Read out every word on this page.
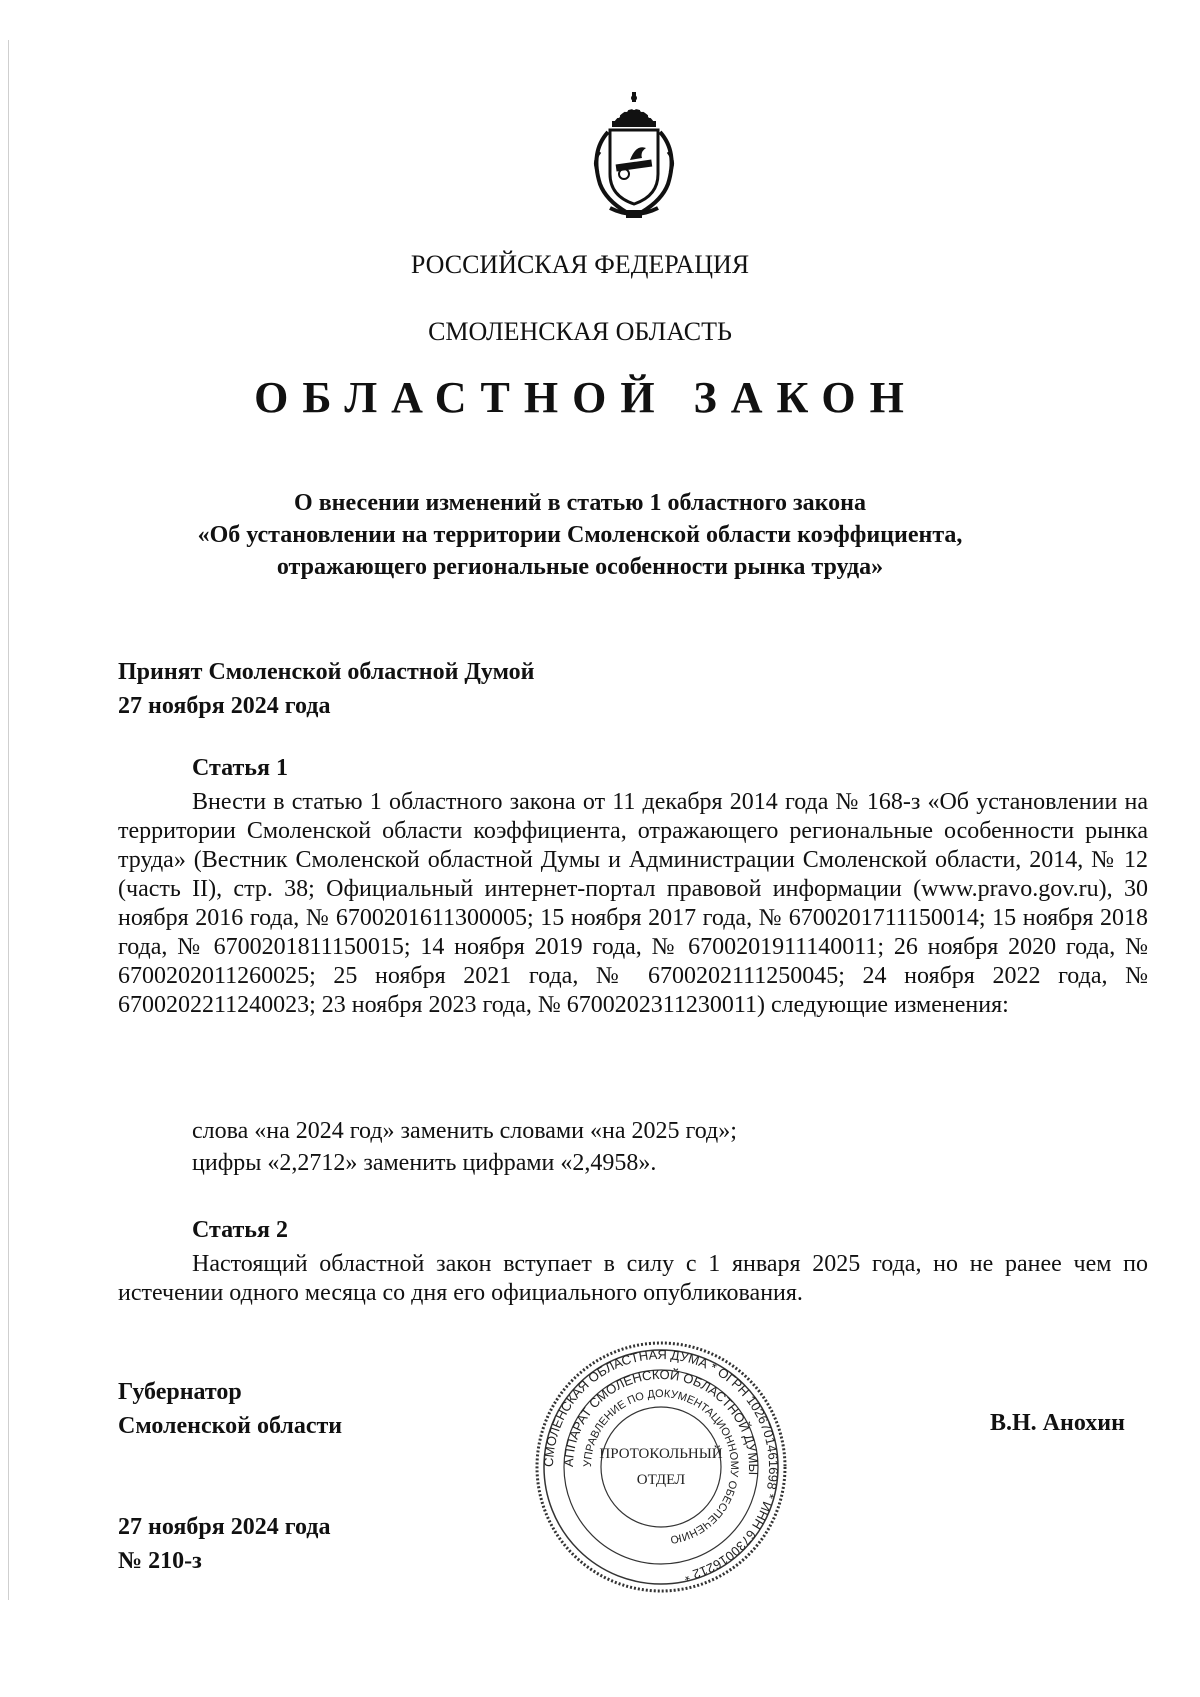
РОССИЙСКАЯ ФЕДЕРАЦИЯ
СМОЛЕНСКАЯ ОБЛАСТЬ
ОБЛАСТНОЙ ЗАКОН
О внесении изменений в статью 1 областного закона
«Об установлении на территории Смоленской области коэффициента,
отражающего региональные особенности рынка труда»
Принят Смоленской областной Думой
27 ноября 2024 года
Статья 1

Внести в статью 1 областного закона от 11 декабря 2014 года № 168-з «Об установлении на территории Смоленской области коэффициента, отражающего региональные особенности рынка труда» (Вестник Смоленской областной Думы и Администрации Смоленской области, 2014, № 12 (часть II), стр. 38; Официальный интернет-портал правовой информации (www.pravo.gov.ru), 30 ноября 2016 года, № 6700201611300005; 15 ноября 2017 года, № 6700201711150014; 15 ноября 2018 года, № 6700201811150015; 14 ноября 2019 года, № 6700201911140011; 26 ноября 2020 года, № 6700202011260025; 25 ноября 2021 года, № 6700202111250045; 24 ноября 2022 года, № 6700202211240023; 23 ноября 2023 года, № 6700202311230011) следующие изменения:

слова «на 2024 год» заменить словами «на 2025 год»;
цифры «2,2712» заменить цифрами «2,4958».
Статья 2

Настоящий областной закон вступает в силу с 1 января 2025 года, но не ранее чем по истечении одного месяца со дня его официального опубликования.

Губернатор
Смоленской области	В.Н. Анохин
27 ноября 2024 года
№ 210-з
СМОЛЕНСКАЯ ОБЛАСТНАЯ ДУМА * ОГРН 1026701461698 * ИНН 6730016212 *
АППАРАТ СМОЛЕНСКОЙ ОБЛАСТНОЙ ДУМЫ
УПРАВЛЕНИЕ ПО ДОКУМЕНТАЦИОННОМУ ОБЕСПЕЧЕНИЮ
ПРОТОКОЛЬНЫЙ
ОТДЕЛ
